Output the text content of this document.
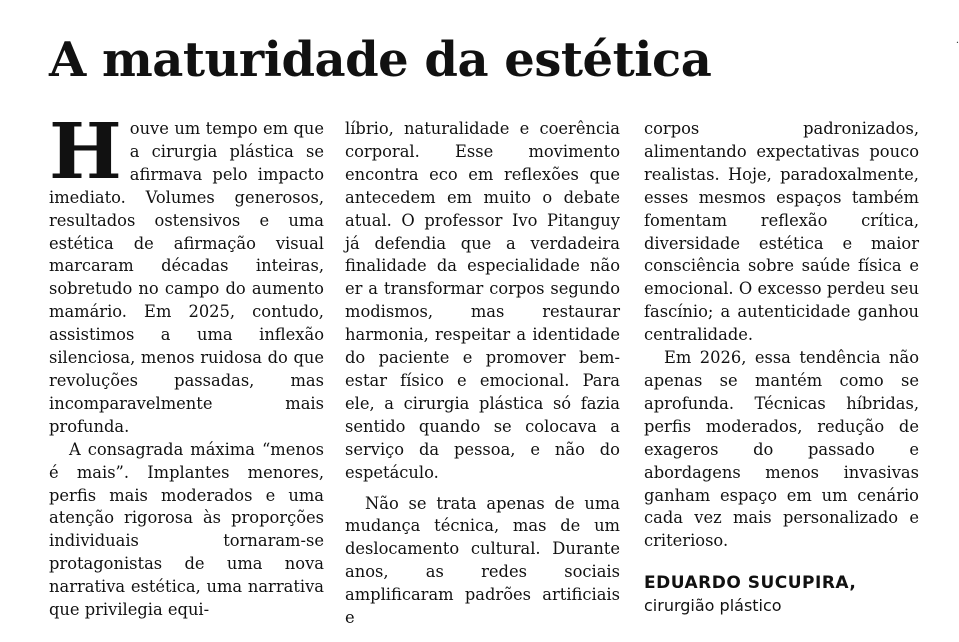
A maturidade da estética	·

Houve um tempo em que a cirurgia plástica se afirmava pelo impacto imediato. Volumes generosos, resultados ostensivos e uma estética de afirmação visual marcaram décadas inteiras, sobretudo no campo do aumento mamário. Em 2025, contudo, assistimos a uma inflexão silenciosa, menos ruidosa do que revoluções passadas, mas incomparavelmente mais profunda.

A consagrada máxima “menos é mais”. Implantes menores, perfis mais moderados e uma atenção rigorosa às proporções individuais tornaram-se protagonistas de uma nova narrativa estética, uma narrativa que privilegia equi-

líbrio, naturalidade e coerência corporal. Esse movimento encontra eco em reflexões que antecedem em muito o debate atual. O professor Ivo Pitanguy já defendia que a verdadeira finalidade da especialidade não er a transformar corpos segundo modismos, mas restaurar harmonia, respeitar a identidade do paciente e promover bem-estar físico e emocional. Para ele, a cirurgia plástica só fazia sentido quando se colocava a serviço da pessoa, e não do espetáculo.

Não se trata apenas de uma mudança técnica, mas de um deslocamento cultural. Durante anos, as redes sociais amplificaram padrões artificiais e

corpos padronizados, alimentando expectativas pouco realistas. Hoje, paradoxalmente, esses mesmos espaços também fomentam reflexão crítica, diversidade estética e maior consciência sobre saúde física e emocional. O excesso perdeu seu fascínio; a autenticidade ganhou centralidade.

Em 2026, essa tendência não apenas se mantém como se aprofunda. Técnicas híbridas, perfis moderados, redução de exageros do passado e abordagens menos invasivas ganham espaço em um cenário cada vez mais personalizado e criterioso.

EDUARDO SUCUPIRA,

cirurgião plástico
